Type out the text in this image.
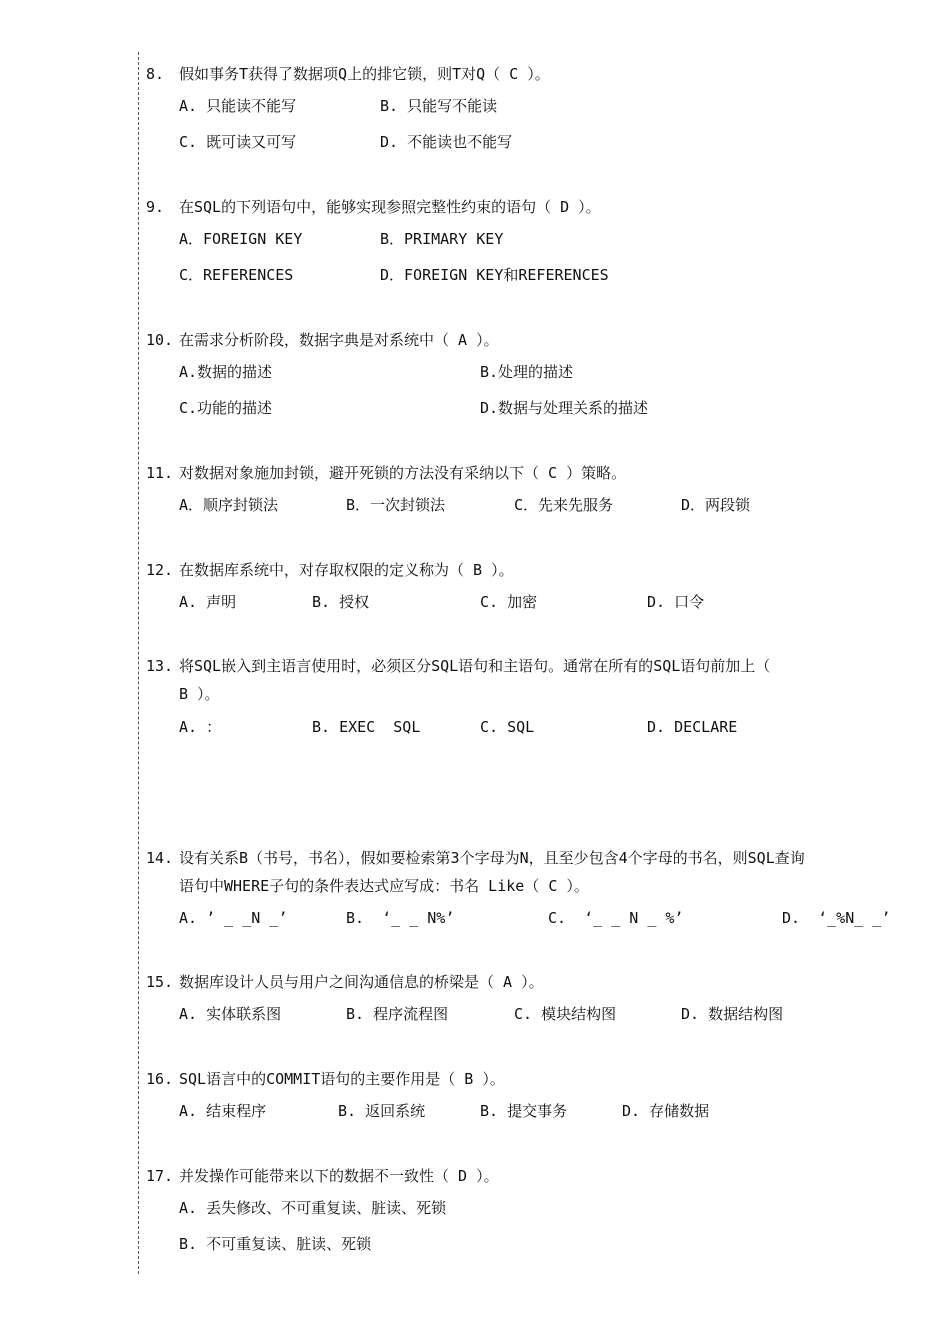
8. 假如事务T获得了数据项Q上的排它锁，则T对Q（ C ）。
A. 只能读不能写	B. 只能写不能读
C. 既可读又可写	D. 不能读也不能写
9. 在SQL的下列语句中，能够实现参照完整性约束的语句（ D ）。
A．FOREIGN KEY	B．PRIMARY KEY
C．REFERENCES	D．FOREIGN KEY和REFERENCES
10. 在需求分析阶段，数据字典是对系统中（ A ）。
A.数据的描述	B.处理的描述
C.功能的描述	D.数据与处理关系的描述
11. 对数据对象施加封锁，避开死锁的方法没有采纳以下（ C ）策略。
A．顺序封锁法	B．一次封锁法	C．先来先服务	D．两段锁
12. 在数据库系统中，对存取权限的定义称为（ B ）。
A. 声明	B. 授权	C. 加密	D. 口令
13. 将SQL嵌入到主语言使用时，必须区分SQL语句和主语句。通常在所有的SQL语句前加上（
B ）。
A. ：	B. EXEC  SQL	C. SQL	D. DECLARE
14. 设有关系B（书号，书名），假如要检索第3个字母为N，且至少包含4个字母的书名，则SQL查询
语句中WHERE子句的条件表达式应写成：书名 Like（ C ）。
A. ’ _ _N _’	B.  ‘_ _ N%’	C.  ‘_ _ N _ %’	D.  ‘_%N_ _’
15. 数据库设计人员与用户之间沟通信息的桥梁是（ A ）。
A. 实体联系图	B. 程序流程图	C. 模块结构图	D. 数据结构图
16. SQL语言中的COMMIT语句的主要作用是（ B ）。
A. 结束程序	B. 返回系统	B. 提交事务	D. 存储数据
17. 并发操作可能带来以下的数据不一致性（ D ）。
A. 丢失修改、不可重复读、脏读、死锁
B. 不可重复读、脏读、死锁
